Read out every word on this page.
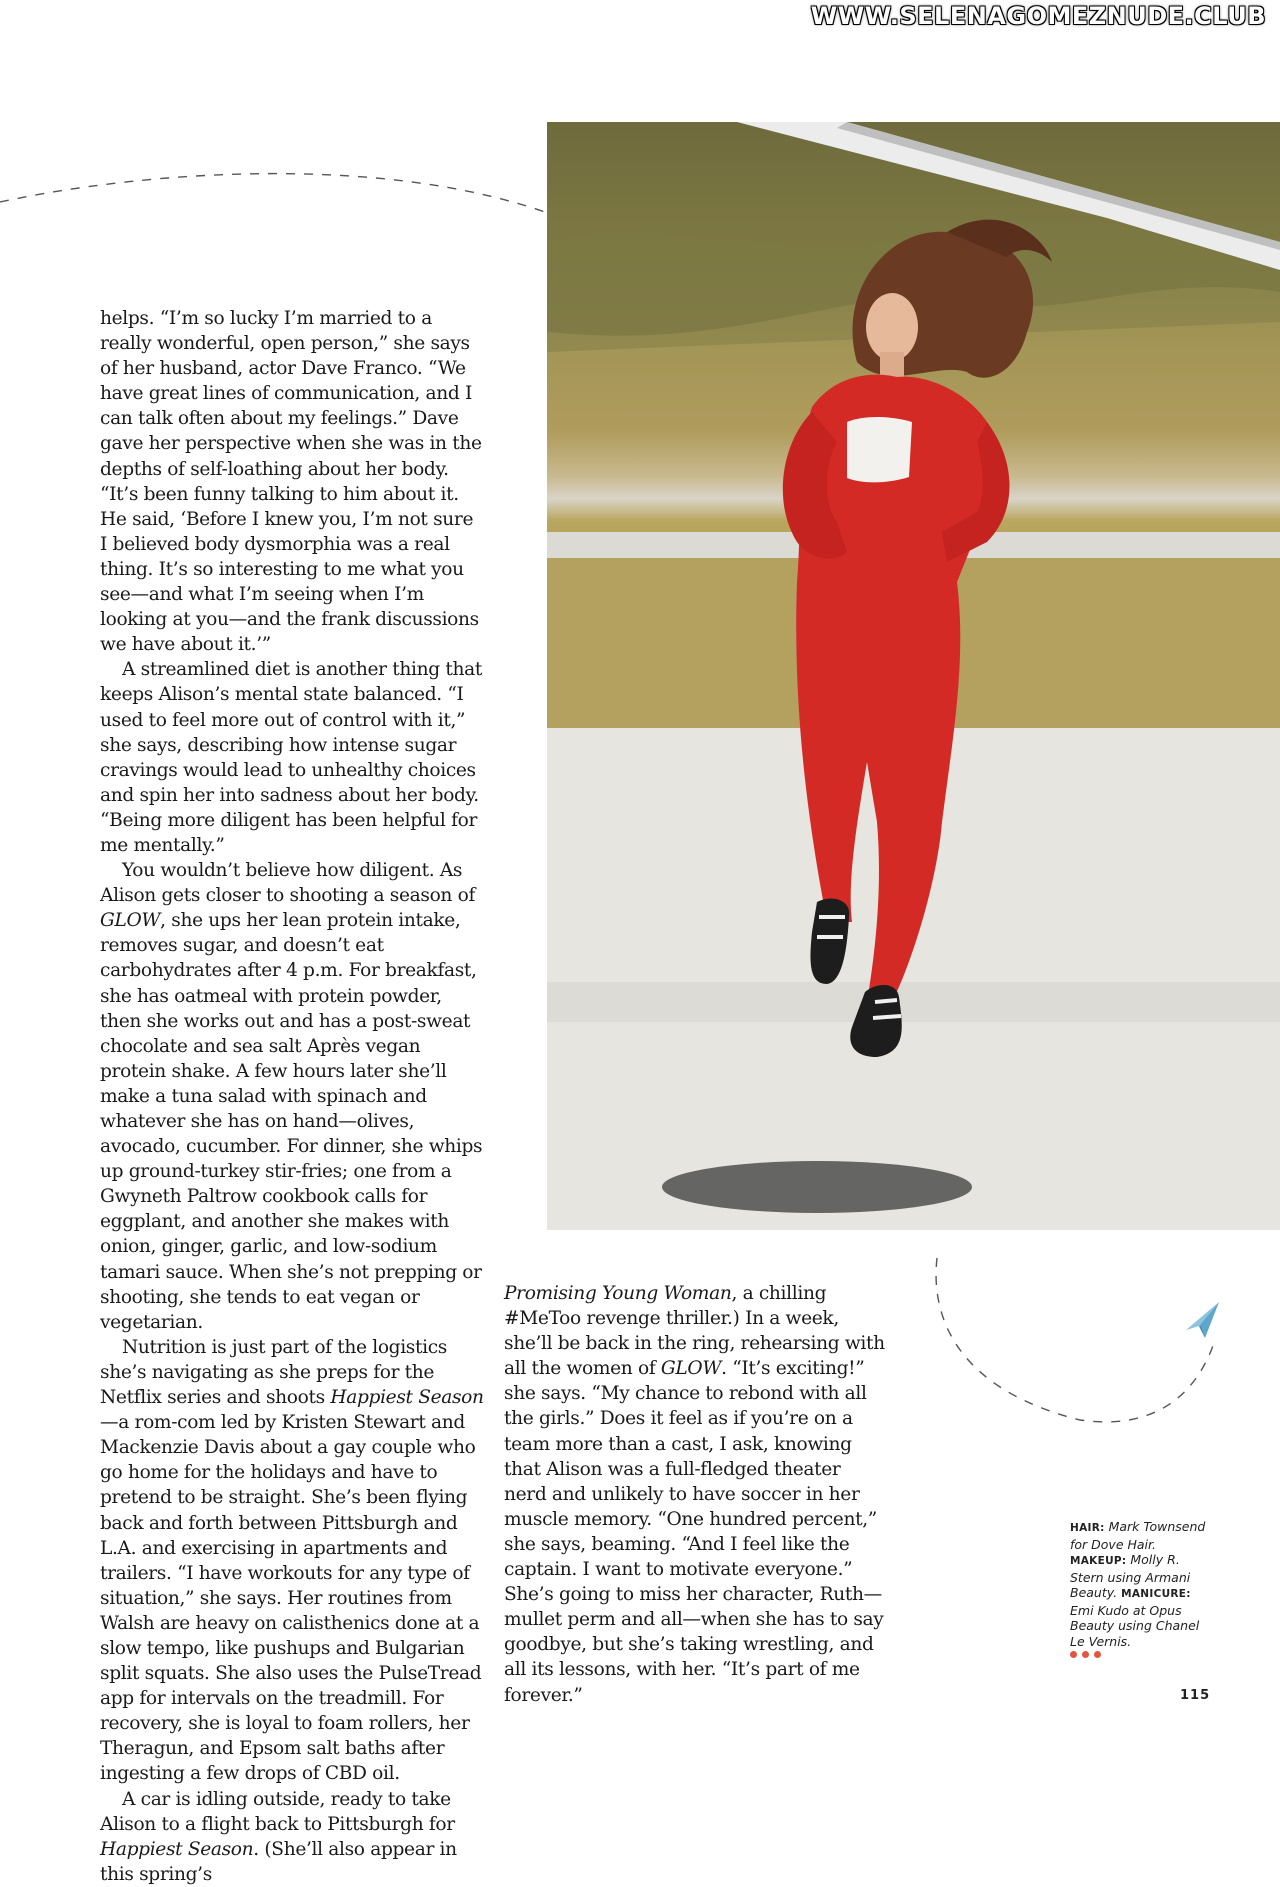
WWW.SELENAGOMEZNUDE.CLUB

helps. “I’m so lucky I’m married to a really wonderful, open person,” she says of her husband, actor Dave Franco. “We have great lines of communication, and I can talk often about my feelings.” Dave gave her perspective when she was in the depths of self-loathing about her body. “It’s been funny talking to him about it. He said, ‘Before I knew you, I’m not sure I believed body dysmorphia was a real thing. It’s so interesting to me what you see—and what I’m seeing when I’m looking at you—and the frank discussions we have about it.’”

A streamlined diet is another thing that keeps Alison’s mental state balanced. “I used to feel more out of control with it,” she says, describing how intense sugar cravings would lead to unhealthy choices and spin her into sadness about her body. “Being more diligent has been helpful for me mentally.”

You wouldn’t believe how diligent. As Alison gets closer to shooting a season of GLOW, she ups her lean protein intake, removes sugar, and doesn’t eat carbohydrates after 4 p.m. For breakfast, she has oatmeal with protein powder, then she works out and has a post-sweat chocolate and sea salt Après vegan protein shake. A few hours later she’ll make a tuna salad with spinach and whatever she has on hand—olives, avocado, cucumber. For dinner, she whips up ground-turkey stir-fries; one from a Gwyneth Paltrow cookbook calls for eggplant, and another she makes with onion, ginger, garlic, and low-sodium tamari sauce. When she’s not prepping or shooting, she tends to eat vegan or vegetarian.

Nutrition is just part of the logistics she’s navigating as she preps for the Netflix series and shoots Happiest Season—a rom-com led by Kristen Stewart and Mackenzie Davis about a gay couple who go home for the holidays and have to pretend to be straight. She’s been flying back and forth between Pittsburgh and L.A. and exercising in apartments and trailers. “I have workouts for any type of situation,” she says. Her routines from Walsh are heavy on calisthenics done at a slow tempo, like pushups and Bulgarian split squats. She also uses the PulseTread app for intervals on the treadmill. For recovery, she is loyal to foam rollers, her Theragun, and Epsom salt baths after ingesting a few drops of CBD oil.

A car is idling outside, ready to take Alison to a flight back to Pittsburgh for Happiest Season. (She’ll also appear in this spring’s

Promising Young Woman, a chilling #MeToo revenge thriller.) In a week, she’ll be back in the ring, rehearsing with all the women of GLOW. “It’s exciting!” she says. “My chance to rebond with all the girls.” Does it feel as if you’re on a team more than a cast, I ask, knowing that Alison was a full-fledged theater nerd and unlikely to have soccer in her muscle memory. “One hundred percent,” she says, beaming. “And I feel like the captain. I want to motivate everyone.” She’s going to miss her character, Ruth—mullet perm and all—when she has to say goodbye, but she’s taking wrestling, and all its lessons, with her. “It’s part of me forever.”

HAIR: Mark Townsend for Dove Hair. MAKEUP: Molly R. Stern using Armani Beauty. MANICURE: Emi Kudo at Opus Beauty using Chanel Le Vernis.
115
